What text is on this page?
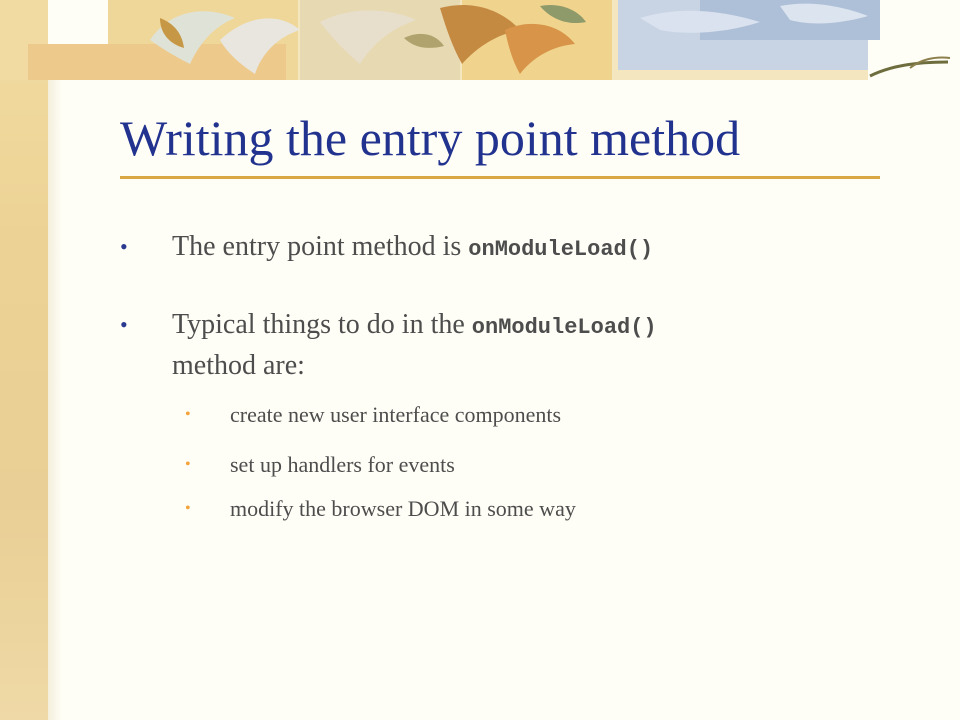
Writing the entry point method
• The entry point method is onModuleLoad()
• Typical things to do in the onModuleLoad()
method are:
• create new user interface components
• set up handlers for events
• modify the browser DOM in some way
